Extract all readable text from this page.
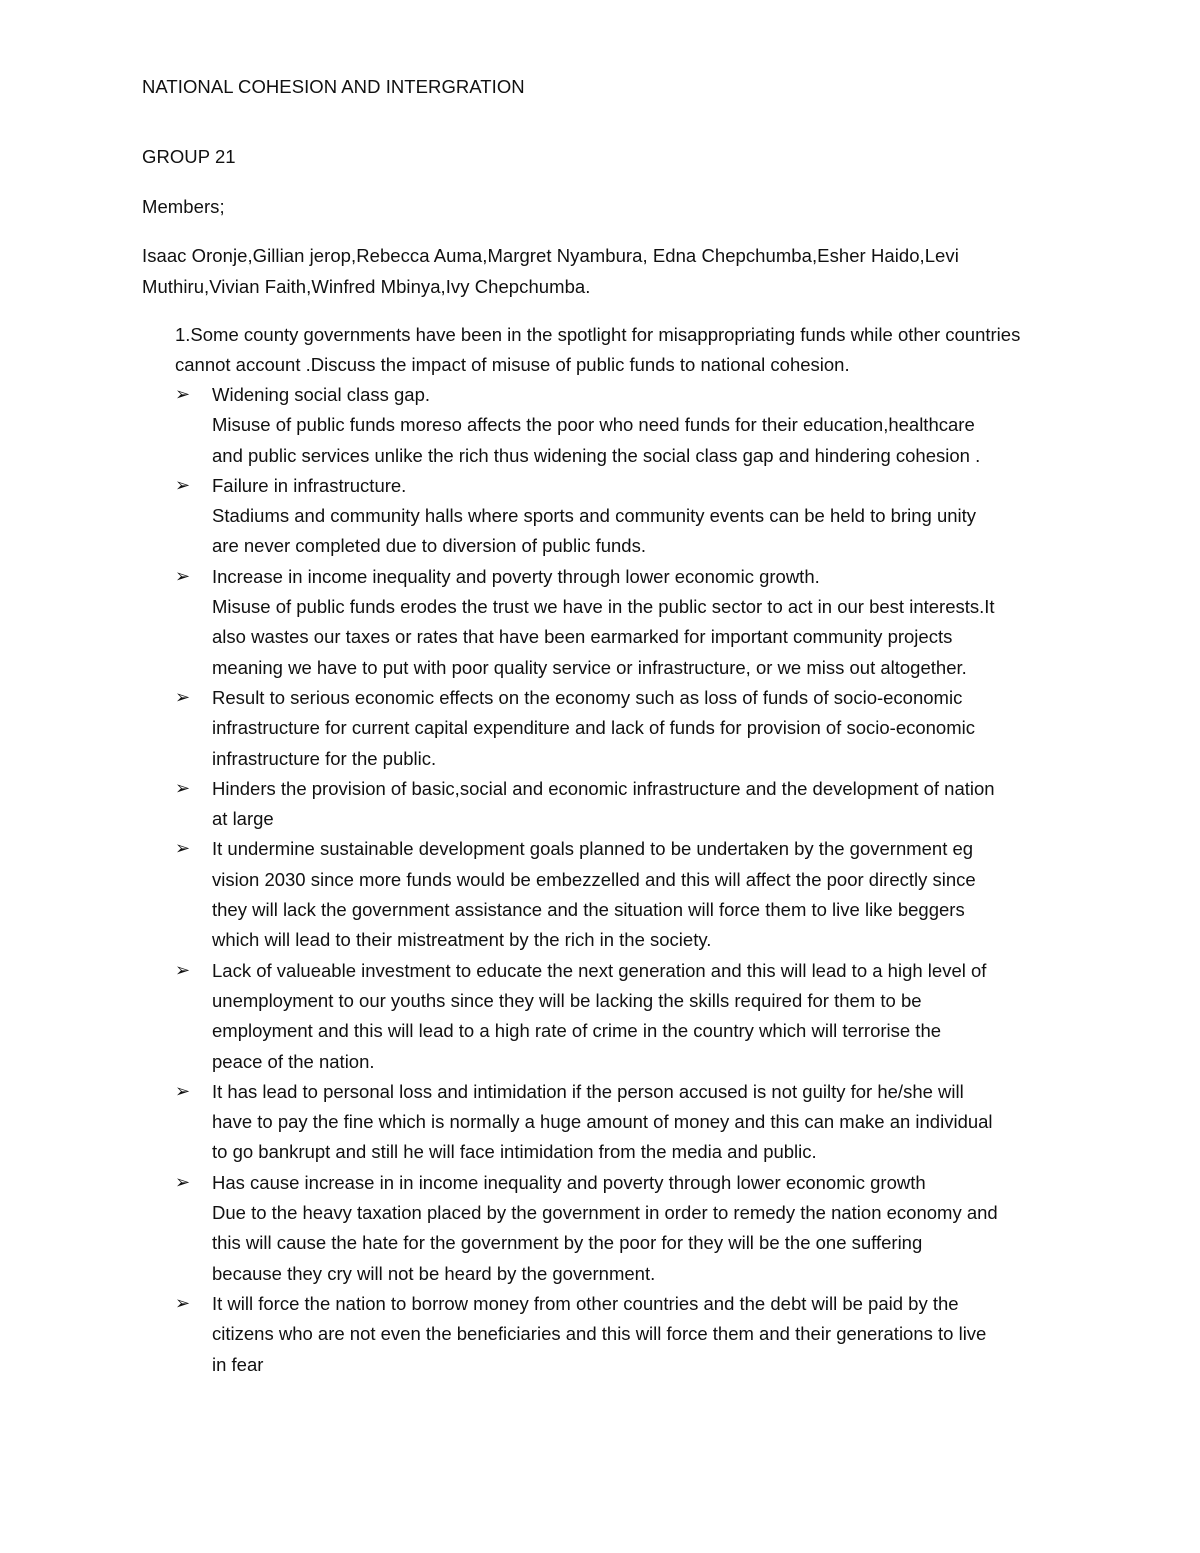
NATIONAL COHESION AND INTERGRATION
GROUP 21
Members;
Isaac Oronje,Gillian jerop,Rebecca Auma,Margret Nyambura, Edna Chepchumba,Esher Haido,Levi
Muthiru,Vivian Faith,Winfred Mbinya,Ivy Chepchumba.
1.Some county governments have been in the spotlight for misappropriating funds while other countries cannot account .Discuss the impact of misuse of public funds to national cohesion.
➢	Widening social class gap.
Misuse of public funds moreso affects the poor who need funds for their education,healthcare
and public services unlike the rich thus widening the social class gap and hindering cohesion .
➢	Failure in infrastructure.
Stadiums and community halls where sports and community events can be held to bring unity
are never completed due to diversion of public funds.
➢	Increase in income inequality and poverty through lower economic growth.
Misuse of public funds erodes the trust we have in the public sector to act in our best interests.It
also wastes our taxes or rates that have been earmarked for important community projects
meaning we have to put with poor quality service or infrastructure, or we miss out altogether.
➢	Result to serious economic effects on the economy such as loss of funds of socio-economic
infrastructure for current capital expenditure and lack of funds for provision of socio-economic
infrastructure for the public.
➢	Hinders the provision of basic,social and economic infrastructure and the development of nation
at large
➢	It undermine sustainable development goals planned to be undertaken by the government eg
vision 2030 since more funds would be embezzelled and this will affect the poor directly since
they will lack the government assistance and the situation will force them to live like beggers
which will lead to their mistreatment by the rich in the society.
➢	Lack of valueable investment to educate the next generation and this will lead to a high level of
unemployment to our youths since they will be lacking the skills required for them to be
employment and this will lead to a high rate of crime in the country which will terrorise the
peace of the nation.
➢	It has lead to personal loss and intimidation if the person accused is not guilty for he/she will
have to pay the fine which is normally a huge amount of money and this can make an individual
to go bankrupt and still he will face intimidation from the media and public.
➢	Has cause increase in in income inequality and poverty through lower economic growth
Due to the heavy taxation placed by the government in order to remedy the nation economy and
this will cause the hate for the government by the poor for they will be the one suffering
because they cry will not be heard by the government.
➢	It will force the nation to borrow money from other countries and the debt will be paid by the
citizens who are not even the beneficiaries and this will force them and their generations to live
in fear
